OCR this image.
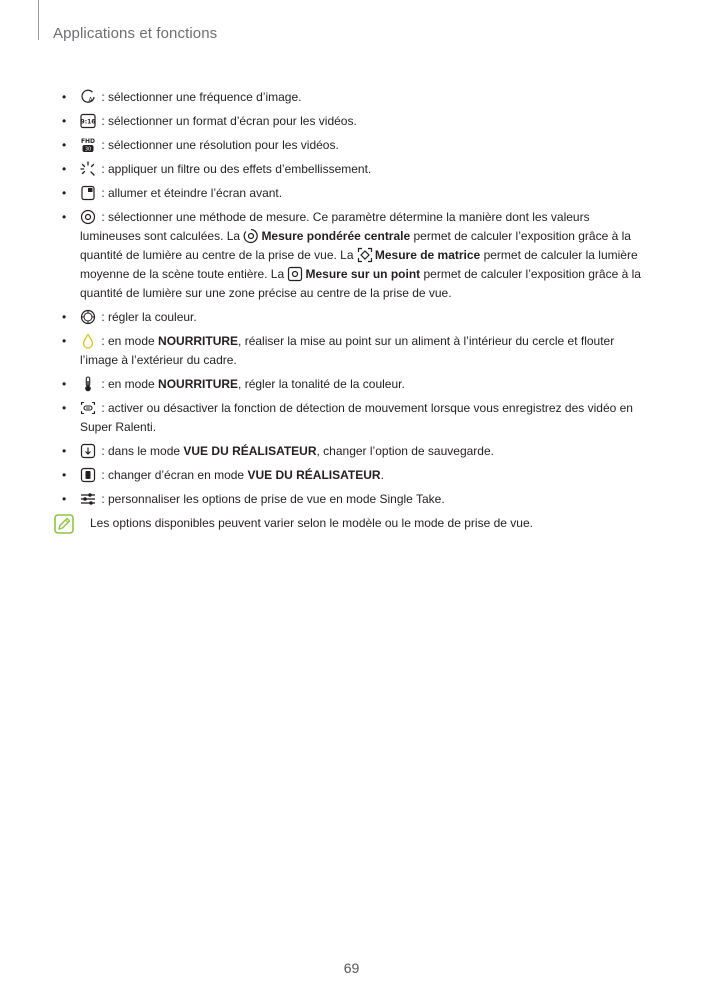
Applications et fonctions
•	A : sélectionner une fréquence d’image.
• 9:16 : sélectionner un format d’écran pour les vidéos.
• FHD
30 : sélectionner une résolution pour les vidéos.
•	: appliquer un filtre ou des effets d’embellissement.
•	: allumer et éteindre l’écran avant.
•	: sélectionner une méthode de mesure. Ce paramètre détermine la manière dont les valeurs lumineuses sont calculées. La
Mesure pondérée centrale permet de calculer l’exposition grâce à la quantité de lumière au centre de la prise de vue. La
Mesure de matrice permet de calculer la lumière moyenne de la scène toute entière. La
Mesure sur un point permet de calculer l’exposition grâce à la quantité de lumière sur une zone précise au centre de la prise de vue.
•	: régler la couleur.
•	: en mode NOURRITURE, réaliser la mise au point sur un aliment à l’intérieur du cercle et flouter l’image à l’extérieur du cadre.
•	: en mode NOURRITURE, régler la tonalité de la couleur.
•	: activer ou désactiver la fonction de détection de mouvement lorsque vous enregistrez des vidéo en Super Ralenti.
•	: dans le mode VUE DU RÉALISATEUR, changer l’option de sauvegarde.
•	: changer d’écran en mode VUE DU RÉALISATEUR.
•	: personnaliser les options de prise de vue en mode Single Take.
Les options disponibles peuvent varier selon le modèle ou le mode de prise de vue.
69
